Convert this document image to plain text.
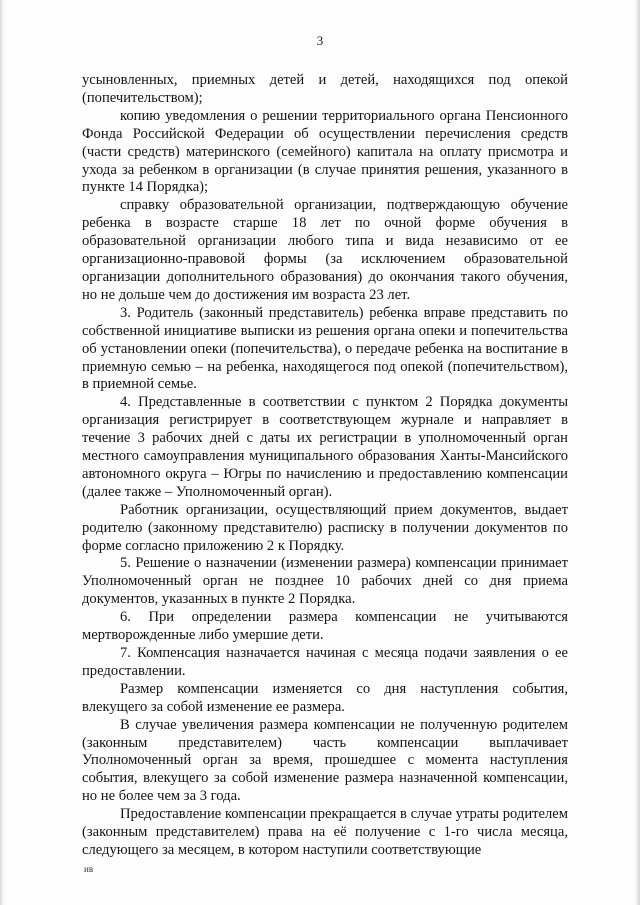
3

усыновленных, приемных детей и детей, находящихся под опекой (попечительством);

копию уведомления о решении территориального органа Пенсионного Фонда Российской Федерации об осуществлении перечисления средств (части средств) материнского (семейного) капитала на оплату присмотра и ухода за ребенком в организации (в случае принятия решения, указанного в пункте 14 Порядка);

справку образовательной организации, подтверждающую обучение ребенка в возрасте старше 18 лет по очной форме обучения в образовательной организации любого типа и вида независимо от ее организационно-правовой формы (за исключением образовательной организации дополнительного образования) до окончания такого обучения, но не дольше чем до достижения им возраста 23 лет.

3. Родитель (законный представитель) ребенка вправе представить по собственной инициативе выписки из решения органа опеки и попечительства об установлении опеки (попечительства), о передаче ребенка на воспитание в приемную семью – на ребенка, находящегося под опекой (попечительством), в приемной семье.

4. Представленные в соответствии с пунктом 2 Порядка документы организация регистрирует в соответствующем журнале и направляет в течение 3 рабочих дней с даты их регистрации в уполномоченный орган местного самоуправления муниципального образования Ханты-Мансийского автономного округа – Югры по начислению и предоставлению компенсации (далее также – Уполномоченный орган).

Работник организации, осуществляющий прием документов, выдает родителю (законному представителю) расписку в получении документов по форме согласно приложению 2 к Порядку.

5. Решение о назначении (изменении размера) компенсации принимает Уполномоченный орган не позднее 10 рабочих дней со дня приема документов, указанных в пункте 2 Порядка.

6. При определении размера компенсации не учитываются мертворожденные либо умершие дети.

7. Компенсация назначается начиная с месяца подачи заявления о ее предоставлении.

Размер компенсации изменяется со дня наступления события, влекущего за собой изменение ее размера.

В случае увеличения размера компенсации не полученную родителем (законным представителем) часть компенсации выплачивает Уполномоченный орган за время, прошедшее с момента наступления события, влекущего за собой изменение размера назначенной компенсации, но не более чем за 3 года.

Предоставление компенсации прекращается в случае утраты родителем (законным представителем) права на её получение с 1-го числа месяца, следующего за месяцем, в котором наступили соответствующие

ив
